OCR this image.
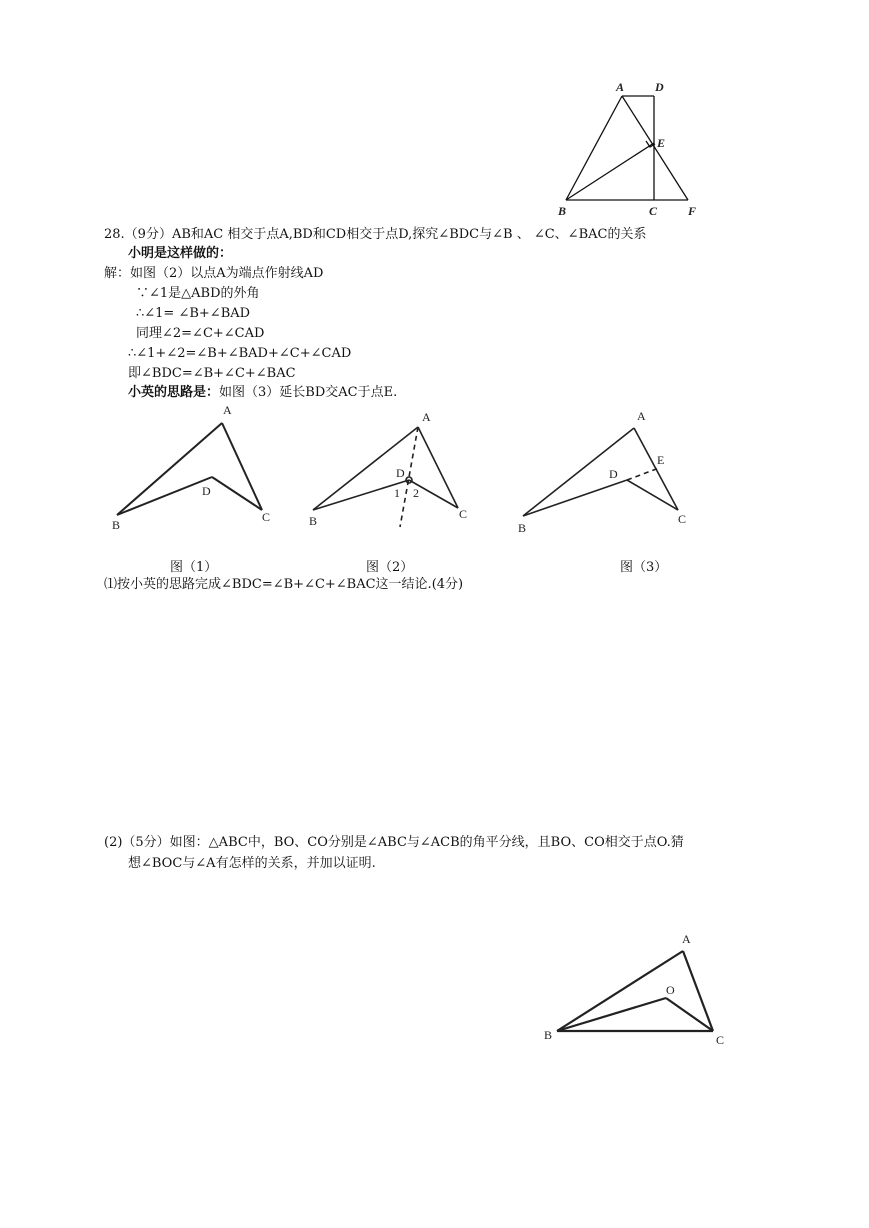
A	D
E
B	C	F
28.（9分）AB和AC 相交于点A,BD和CD相交于点D,探究∠BDC与∠B 、 ∠C、∠BAC的关系
小明是这样做的：
解：如图（2）以点A为端点作射线AD
∵∠1是△ABD的外角
∴∠1= ∠B+∠BAD
同理∠2=∠C+∠CAD
∴∠1+∠2=∠B+∠BAD+∠C+∠CAD
即∠BDC=∠B+∠C+∠BAC
小英的思路是：如图（3）延长BD交AC于点E.
A
B
C
D
A
B	C
D
1 2
A
B
C
D
E
图（1）	图（2）	图（3）
⑴按小英的思路完成∠BDC=∠B+∠C+∠BAC这一结论.(4分)
(2)（5分）如图：△ABC中，BO、CO分别是∠ABC与∠ACB的角平分线，且BO、CO相交于点O.猜
想∠BOC与∠A有怎样的关系，并加以证明.
A
O
B	C
